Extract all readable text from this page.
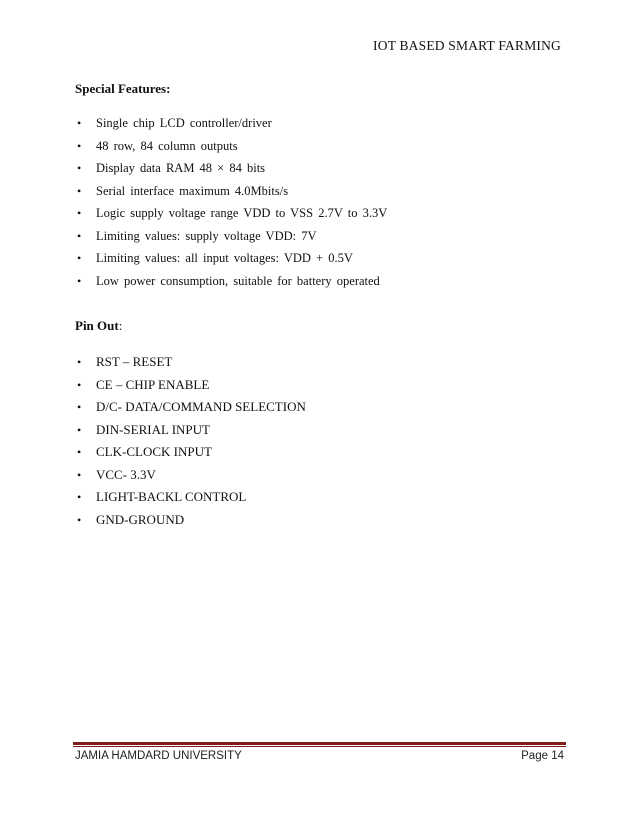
IOT BASED SMART FARMING
Special Features:
• Single chip LCD controller/driver
• 48 row, 84 column outputs
• Display data RAM 48 × 84 bits
• Serial interface maximum 4.0Mbits/s
• Logic supply voltage range VDD to VSS 2.7V to 3.3V
• Limiting values: supply voltage VDD: 7V
• Limiting values: all input voltages: VDD + 0.5V
• Low power consumption, suitable for battery operated
Pin Out:
• RST – RESET
• CE – CHIP ENABLE
• D/C- DATA/COMMAND SELECTION
• DIN-SERIAL INPUT
• CLK-CLOCK INPUT
• VCC- 3.3V
• LIGHT-BACKL CONTROL
• GND-GROUND
JAMIA HAMDARD UNIVERSITY	Page 14
